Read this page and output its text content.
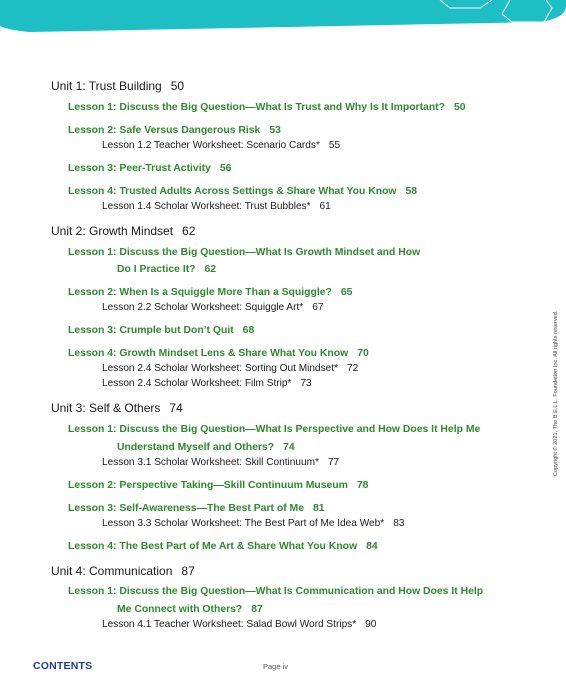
Unit 1: Trust Building 50
Lesson 1: Discuss the Big Question—What Is Trust and Why Is It Important? 50
Lesson 2: Safe Versus Dangerous Risk 53
Lesson 1.2 Teacher Worksheet: Scenario Cards* 55
Lesson 3: Peer-Trust Activity 56
Lesson 4: Trusted Adults Across Settings & Share What You Know 58
Lesson 1.4 Scholar Worksheet: Trust Bubbles* 61
Unit 2: Growth Mindset 62
Lesson 1: Discuss the Big Question—What Is Growth Mindset and How
Do I Practice It? 62
Lesson 2: When Is a Squiggle More Than a Squiggle? 65
Lesson 2.2 Scholar Worksheet: Squiggle Art* 67
Lesson 3: Crumple but Don’t Quit 68
Lesson 4: Growth Mindset Lens & Share What You Know 70
Lesson 2.4 Scholar Worksheet: Sorting Out Mindset* 72
Lesson 2.4 Scholar Worksheet: Film Strip* 73
Unit 3: Self & Others 74
Lesson 1: Discuss the Big Question—What Is Perspective and How Does It Help Me
Understand Myself and Others? 74
Lesson 3.1 Scholar Worksheet: Skill Continuum* 77
Lesson 2: Perspective Taking—Skill Continuum Museum 78
Lesson 3: Self-Awareness—The Best Part of Me 81
Lesson 3.3 Scholar Worksheet: The Best Part of Me Idea Web* 83
Lesson 4: The Best Part of Me Art & Share What You Know 84
Unit 4: Communication 87
Lesson 1: Discuss the Big Question—What Is Communication and How Does It Help
Me Connect with Others? 87
Lesson 4.1 Teacher Worksheet: Salad Bowl Word Strips* 90
Copyright © 2021, The B.E.L.L. Foundation Inc. All rights reserved.
CONTENTS	Page iv
